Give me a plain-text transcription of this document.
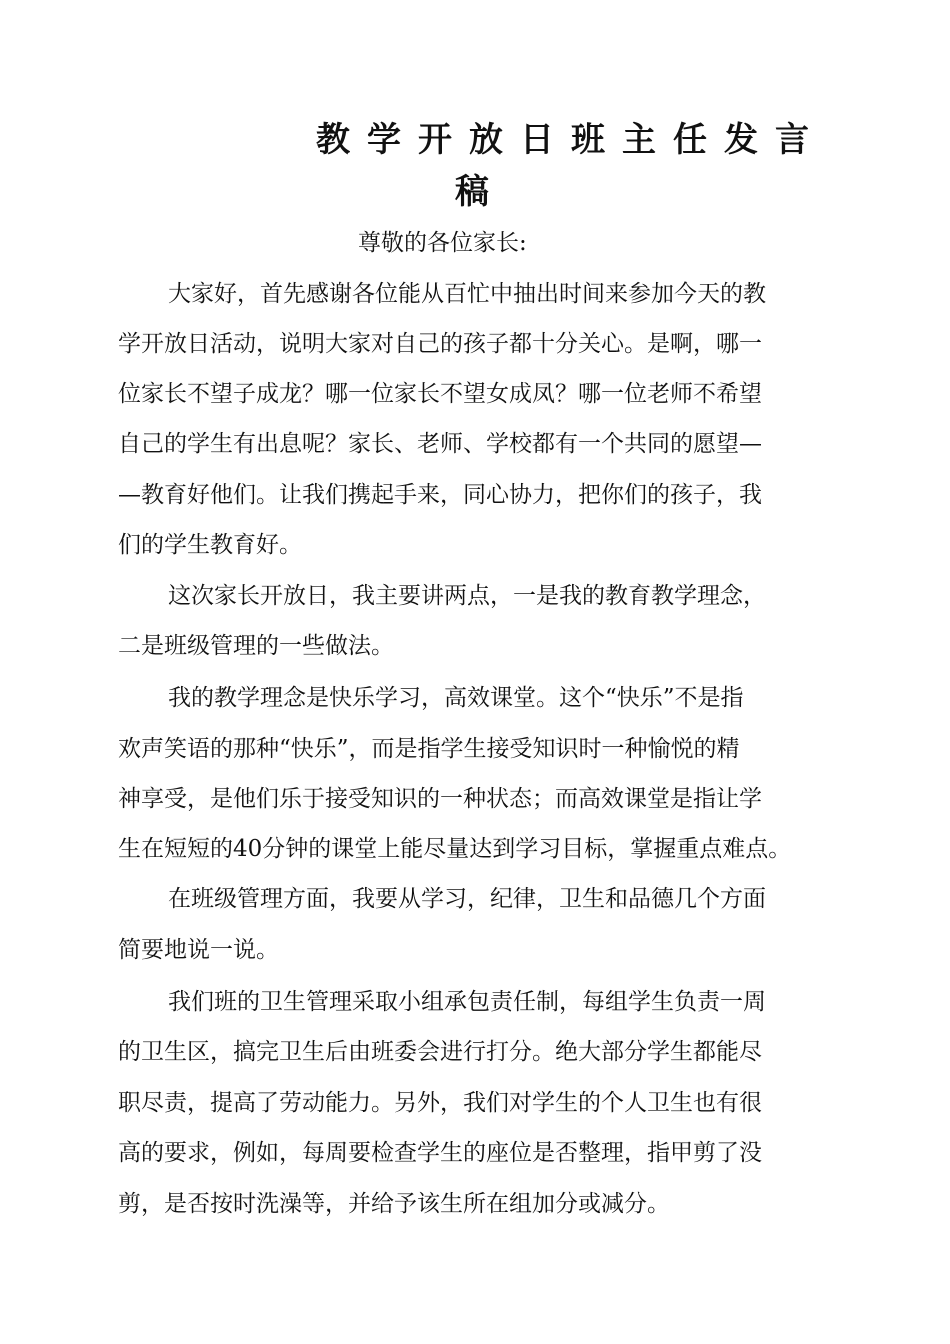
教学开放日班主任发言
稿

尊敬的各位家长:

大家好，首先感谢各位能从百忙中抽出时间来参加今天的教

学开放日活动，说明大家对自己的孩子都十分关心。是啊，哪一

位家长不望子成龙？哪一位家长不望女成凤？哪一位老师不希望

自己的学生有出息呢？家长、老师、学校都有一个共同的愿望—

—教育好他们。让我们携起手来，同心协力，把你们的孩子，我

们的学生教育好。

这次家长开放日，我主要讲两点，一是我的教育教学理念，

二是班级管理的一些做法。

我的教学理念是快乐学习，高效课堂。这个“快乐”不是指

欢声笑语的那种“快乐”，而是指学生接受知识时一种愉悦的精

神享受，是他们乐于接受知识的一种状态；而高效课堂是指让学

生在短短的40分钟的课堂上能尽量达到学习目标，掌握重点难点。

在班级管理方面，我要从学习，纪律，卫生和品德几个方面

简要地说一说。

我们班的卫生管理采取小组承包责任制，每组学生负责一周

的卫生区，搞完卫生后由班委会进行打分。绝大部分学生都能尽

职尽责，提高了劳动能力。另外，我们对学生的个人卫生也有很

高的要求，例如，每周要检查学生的座位是否整理，指甲剪了没

剪，是否按时洗澡等，并给予该生所在组加分或减分。
